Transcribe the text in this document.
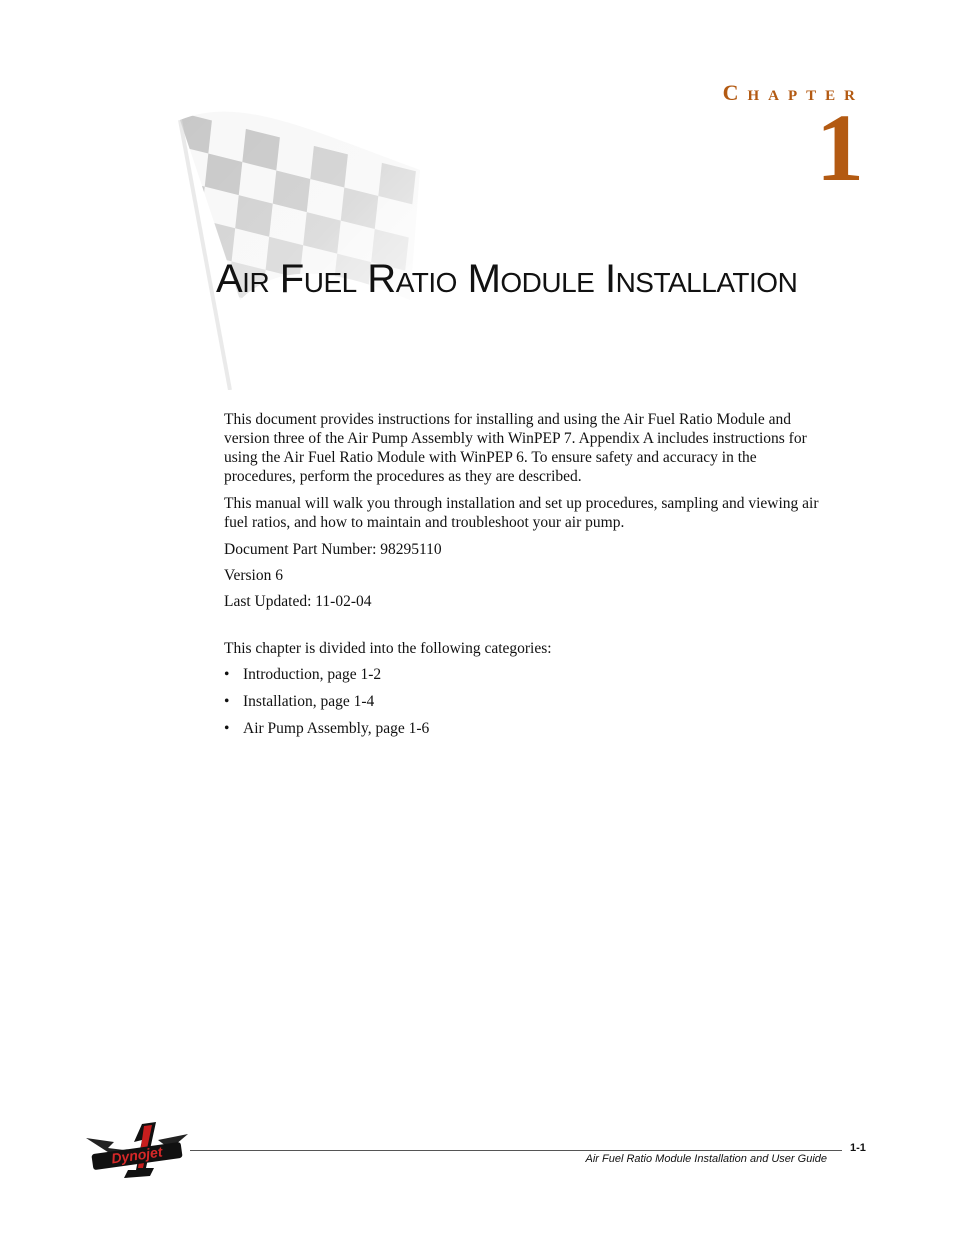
Chapter

1

Air Fuel Ratio Module Installation

This document provides instructions for installing and using the Air Fuel Ratio Module and version three of the Air Pump Assembly with WinPEP 7. Appendix A includes instructions for using the Air Fuel Ratio Module with WinPEP 6. To ensure safety and accuracy in the procedures, perform the procedures as they are described.

This manual will walk you through installation and set up procedures, sampling and viewing air fuel ratios, and how to maintain and troubleshoot your air pump.

Document Part Number: 98295110

Version 6

Last Updated: 11-02-04

This chapter is divided into the following categories:

• Introduction, page 1-2
• Installation, page 1-4
• Air Pump Assembly, page 1-6
Dynojet	1-1
Air Fuel Ratio Module Installation and User Guide
